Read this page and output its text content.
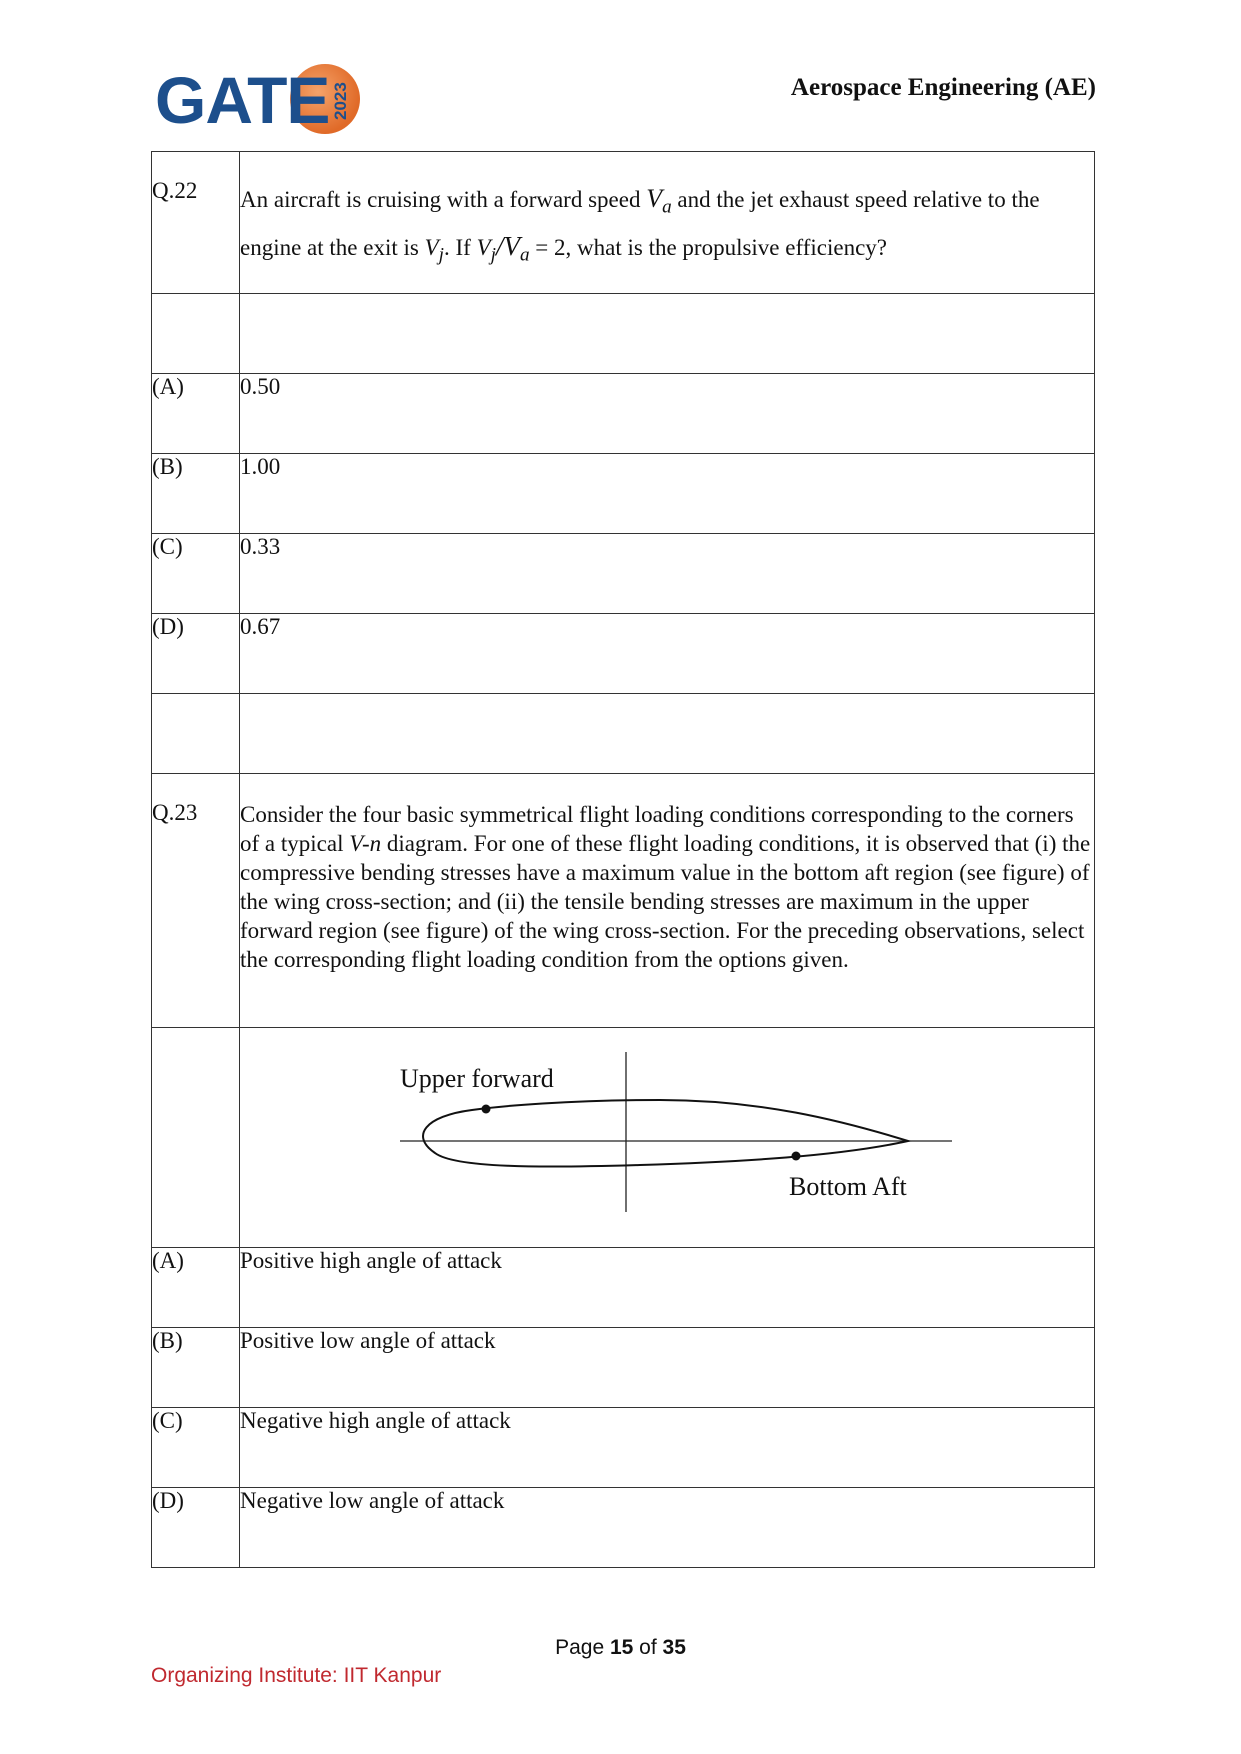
GATE 2023	Aerospace Engineering (AE)
Q.22	An aircraft is cruising with a forward speed $V_a$ and the jet exhaust speed relative to the engine at the exit is $V_j$. If $V_j/V_a = 2$, what is the propulsive efficiency?

(A)	0.50
(B)	1.00
(C)	0.33
(D)	0.67

Q.23	Consider the four basic symmetrical flight loading conditions corresponding to the corners of a typical V-n diagram. For one of these flight loading conditions, it is observed that (i) the compressive bending stresses have a maximum value in the bottom aft region (see figure) of the wing cross-section; and (ii) the tensile bending stresses are maximum in the upper forward region (see figure) of the wing cross-section. For the preceding observations, select the corresponding flight loading condition from the options given.

	Upper forward
Bottom Aft

(A)	Positive high angle of attack
(B)	Positive low angle of attack
(C)	Negative high angle of attack
(D)	Negative low angle of attack
Page 15 of 35
Organizing Institute: IIT Kanpur
